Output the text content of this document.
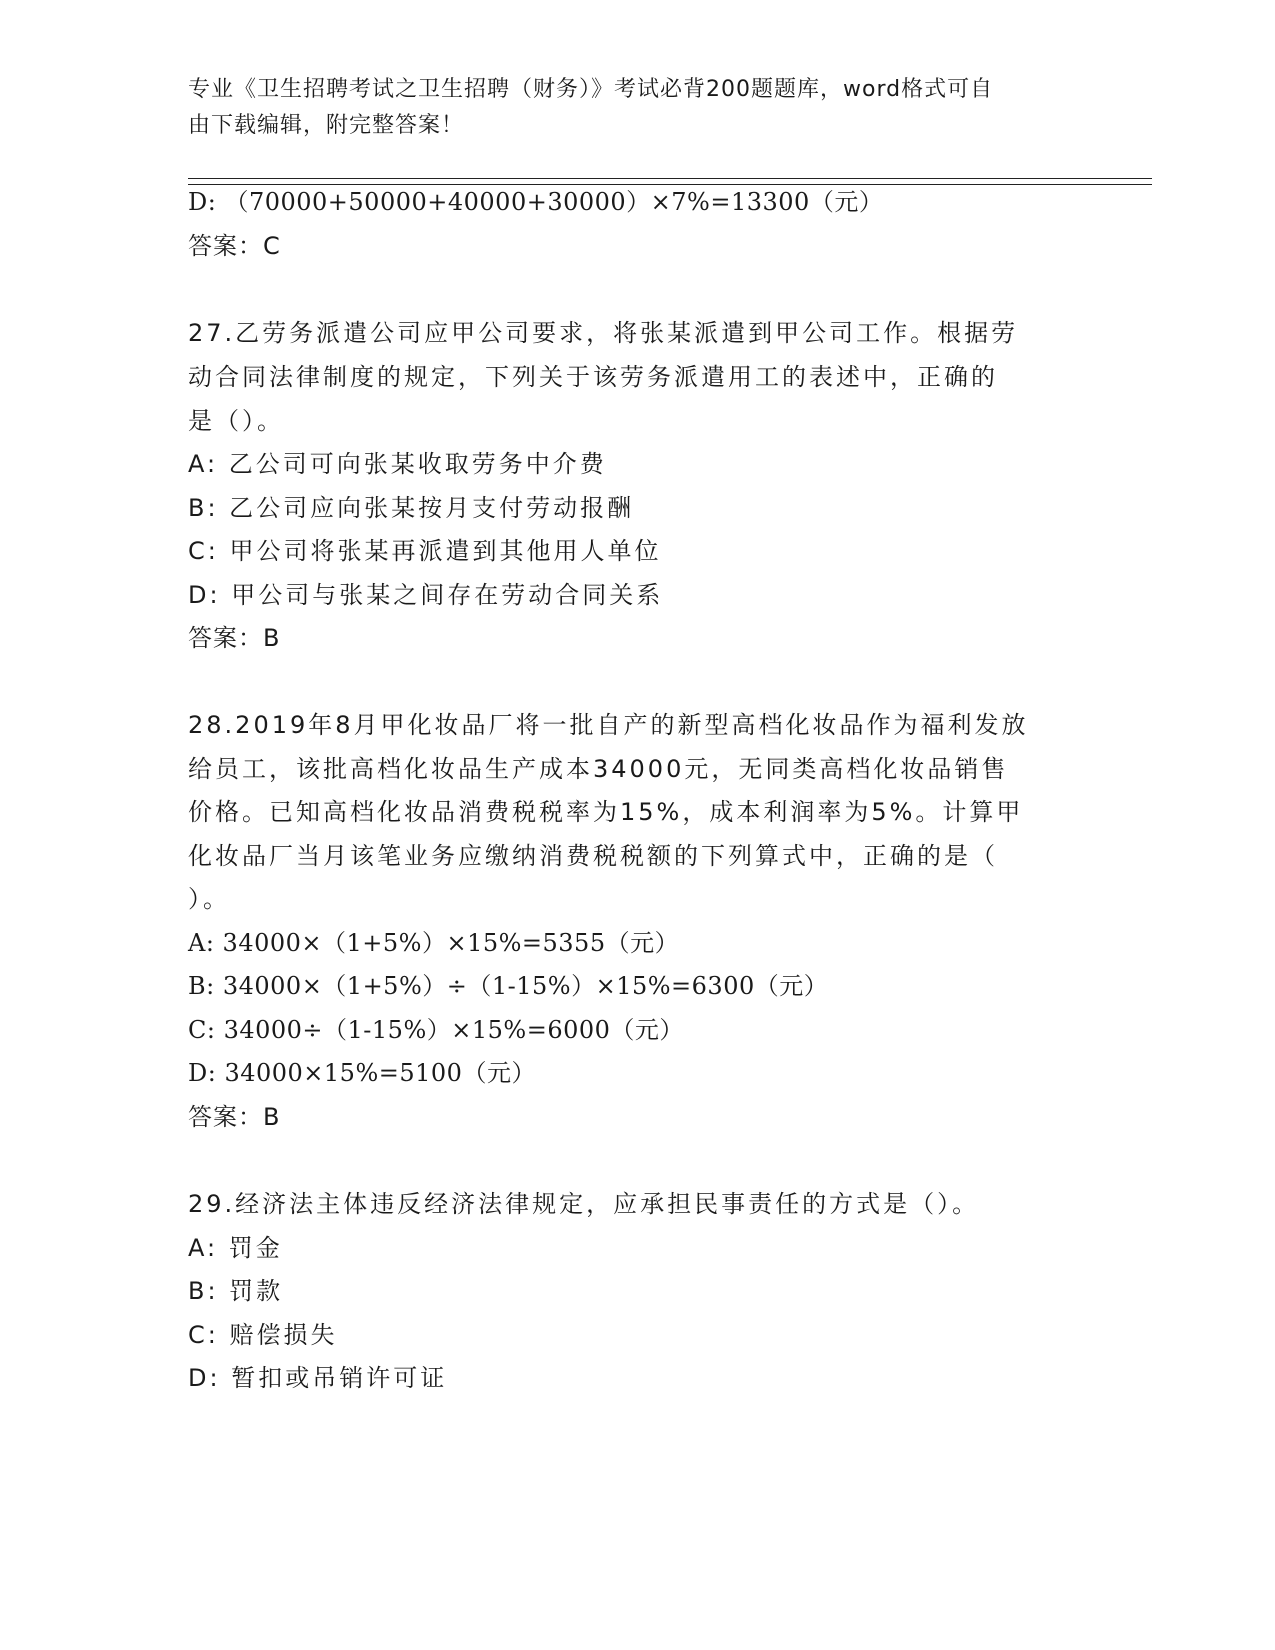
专业《卫生招聘考试之卫生招聘（财务）》考试必背200题题库，word格式可自
由下载编辑，附完整答案！
D: （70000+50000+40000+30000）×7%=13300（元）
答案：C
27.乙劳务派遣公司应甲公司要求，将张某派遣到甲公司工作。根据劳
动合同法律制度的规定，下列关于该劳务派遣用工的表述中，正确的
是（）。
A: 乙公司可向张某收取劳务中介费
B: 乙公司应向张某按月支付劳动报酬
C: 甲公司将张某再派遣到其他用人单位
D: 甲公司与张某之间存在劳动合同关系
答案：B
28.2019年8月甲化妆品厂将一批自产的新型高档化妆品作为福利发放
给员工，该批高档化妆品生产成本34000元，无同类高档化妆品销售
价格。已知高档化妆品消费税税率为15%，成本利润率为5%。计算甲
化妆品厂当月该笔业务应缴纳消费税税额的下列算式中，正确的是（
）。
A: 34000×（1+5%）×15%=5355（元）
B: 34000×（1+5%）÷（1-15%）×15%=6300（元）
C: 34000÷（1-15%）×15%=6000（元）
D: 34000×15%=5100（元）
答案：B
29.经济法主体违反经济法律规定，应承担民事责任的方式是（）。
A: 罚金
B: 罚款
C: 赔偿损失
D: 暂扣或吊销许可证
